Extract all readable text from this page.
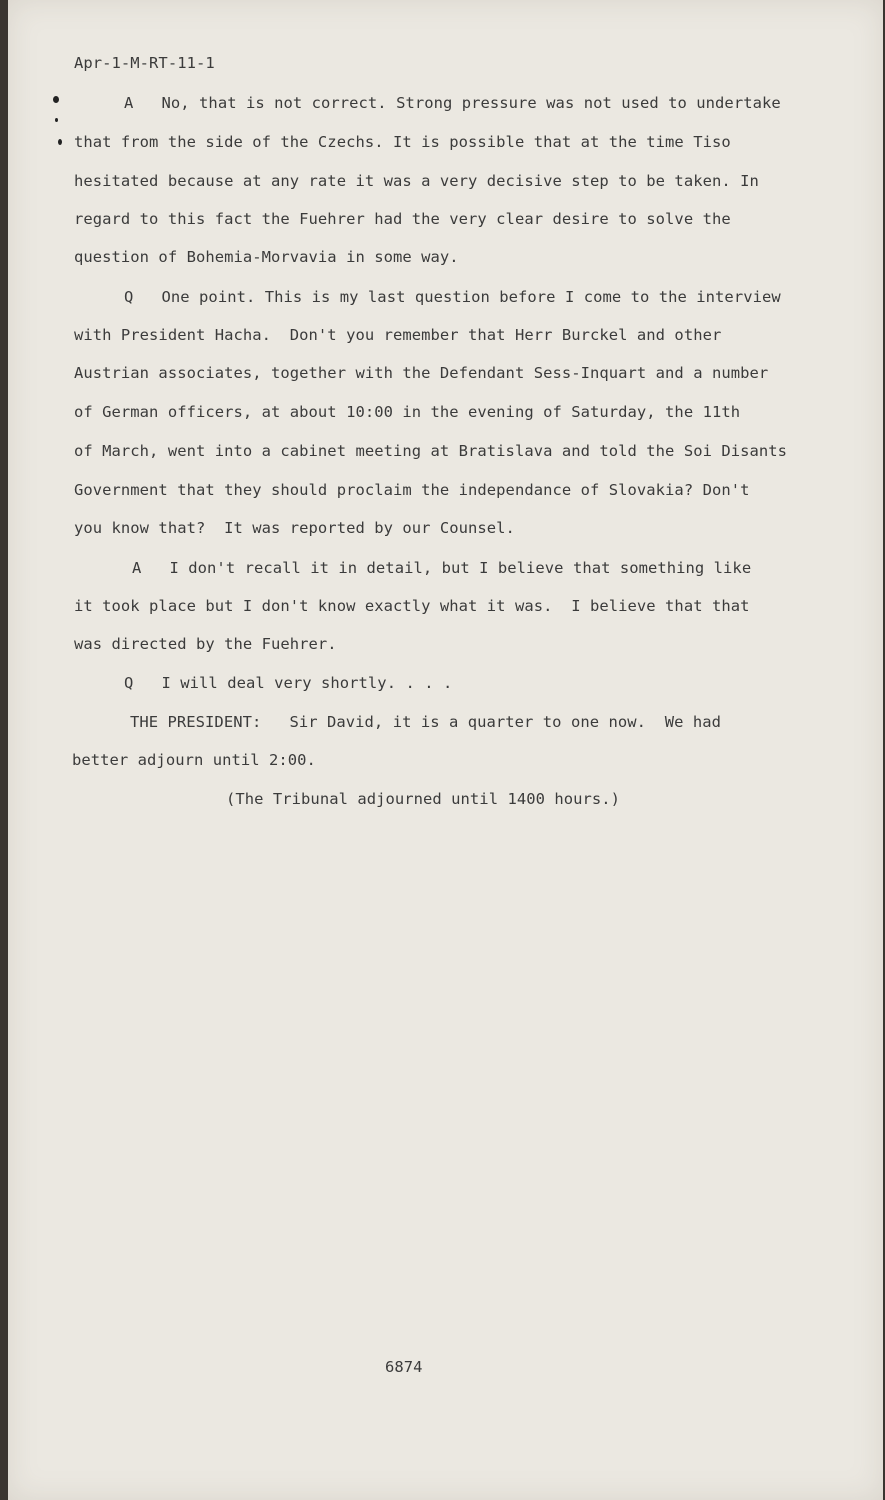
Apr-1-M-RT-11-1
A   No, that is not correct. Strong pressure was not used to undertake
that from the side of the Czechs. It is possible that at the time Tiso
hesitated because at any rate it was a very decisive step to be taken. In
regard to this fact the Fuehrer had the very clear desire to solve the
question of Bohemia-Morvavia in some way.
Q   One point. This is my last question before I come to the interview
with President Hacha.  Don't you remember that Herr Burckel and other
Austrian associates, together with the Defendant Sess-Inquart and a number
of German officers, at about 10:00 in the evening of Saturday, the 11th
of March, went into a cabinet meeting at Bratislava and told the Soi Disants
Government that they should proclaim the independance of Slovakia? Don't
you know that?  It was reported by our Counsel.
A   I don't recall it in detail, but I believe that something like
it took place but I don't know exactly what it was.  I believe that that
was directed by the Fuehrer.
Q   I will deal very shortly. . . .
THE PRESIDENT:   Sir David, it is a quarter to one now.  We had
better adjourn until 2:00.
(The Tribunal adjourned until 1400 hours.)
6874
